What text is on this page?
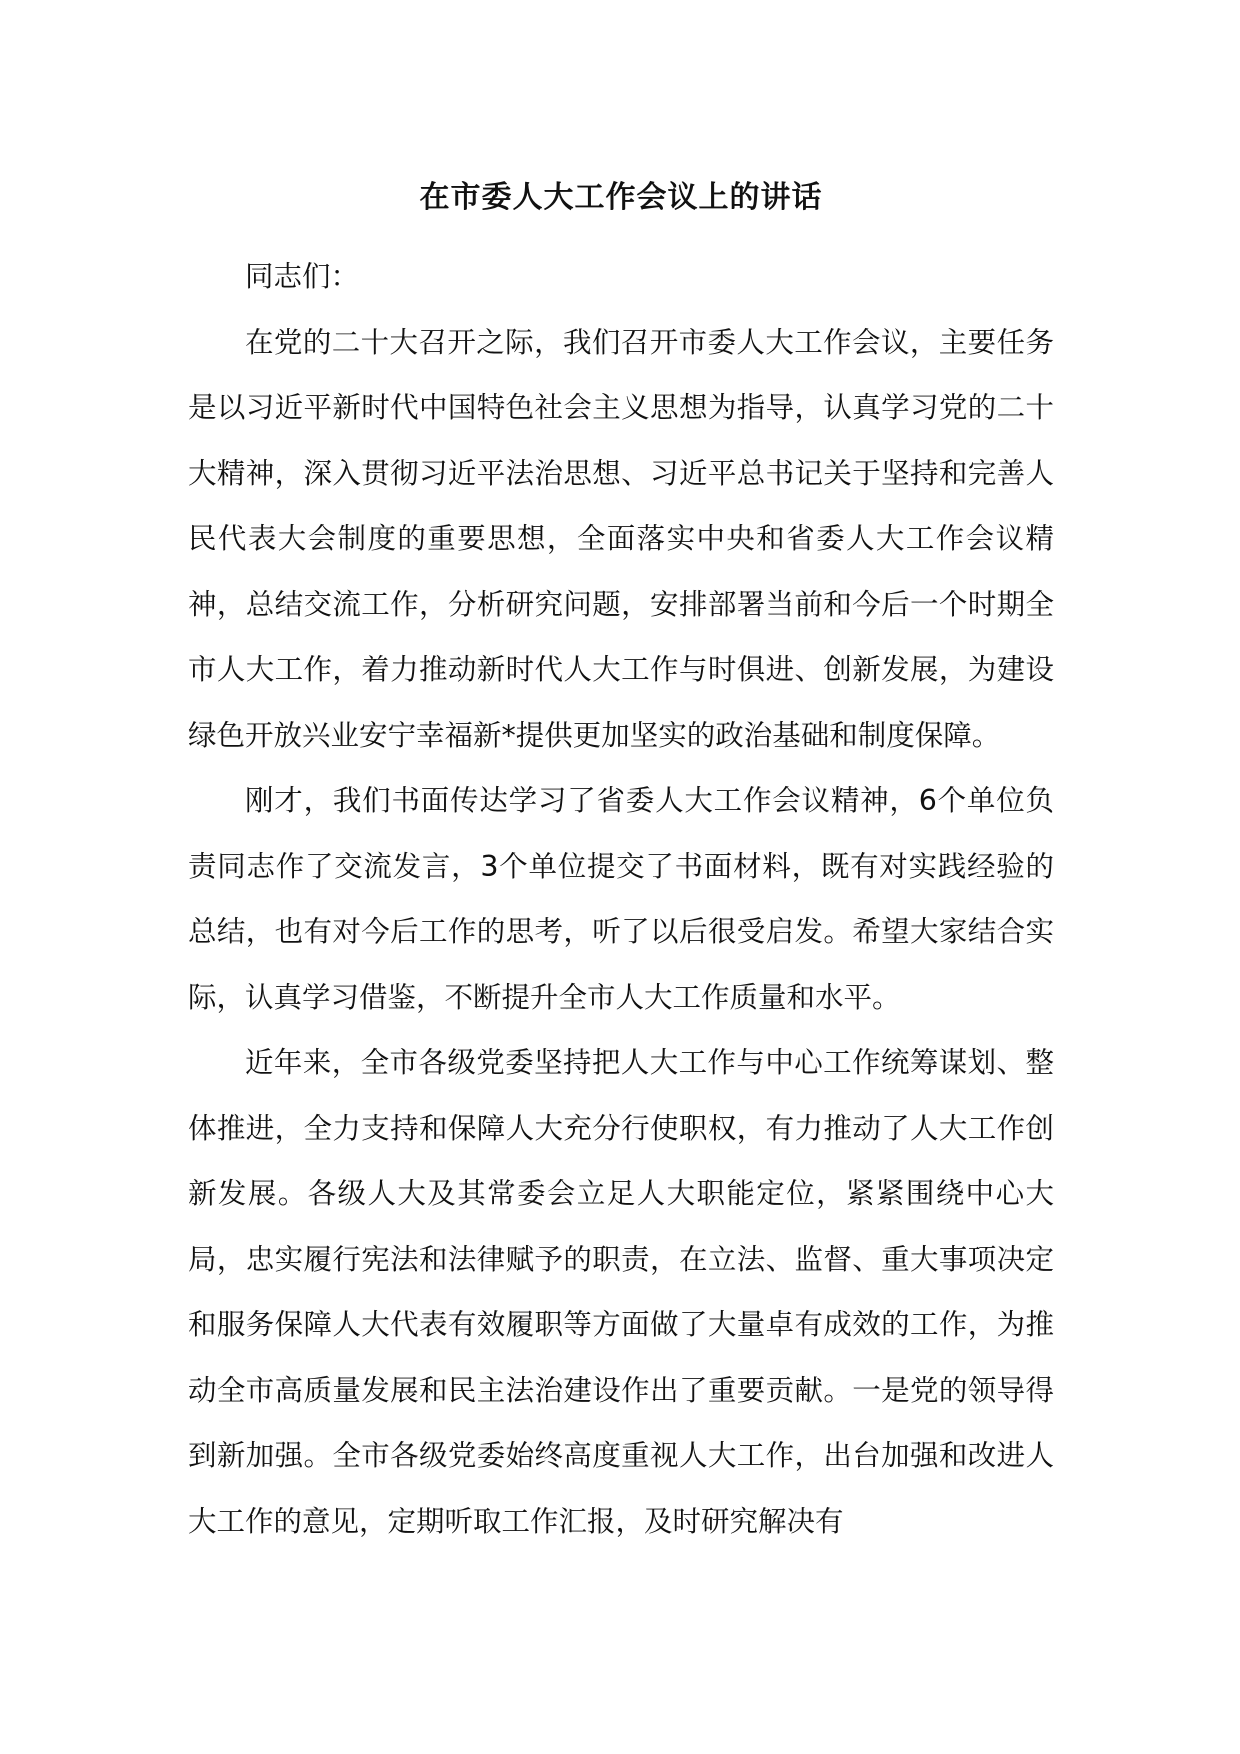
在市委人大工作会议上的讲话

同志们：

在党的二十大召开之际，我们召开市委人大工作会议，主要任务是以习近平新时代中国特色社会主义思想为指导，认真学习党的二十大精神，深入贯彻习近平法治思想、习近平总书记关于坚持和完善人民代表大会制度的重要思想，全面落实中央和省委人大工作会议精神，总结交流工作，分析研究问题，安排部署当前和今后一个时期全市人大工作，着力推动新时代人大工作与时俱进、创新发展，为建设绿色开放兴业安宁幸福新*提供更加坚实的政治基础和制度保障。

刚才，我们书面传达学习了省委人大工作会议精神，6个单位负责同志作了交流发言，3个单位提交了书面材料，既有对实践经验的总结，也有对今后工作的思考，听了以后很受启发。希望大家结合实际，认真学习借鉴，不断提升全市人大工作质量和水平。

近年来，全市各级党委坚持把人大工作与中心工作统筹谋划、整体推进，全力支持和保障人大充分行使职权，有力推动了人大工作创新发展。各级人大及其常委会立足人大职能定位，紧紧围绕中心大局，忠实履行宪法和法律赋予的职责，在立法、监督、重大事项决定和服务保障人大代表有效履职等方面做了大量卓有成效的工作，为推动全市高质量发展和民主法治建设作出了重要贡献。一是党的领导得到新加强。全市各级党委始终高度重视人大工作，出台加强和改进人大工作的意见，定期听取工作汇报，及时研究解决有
